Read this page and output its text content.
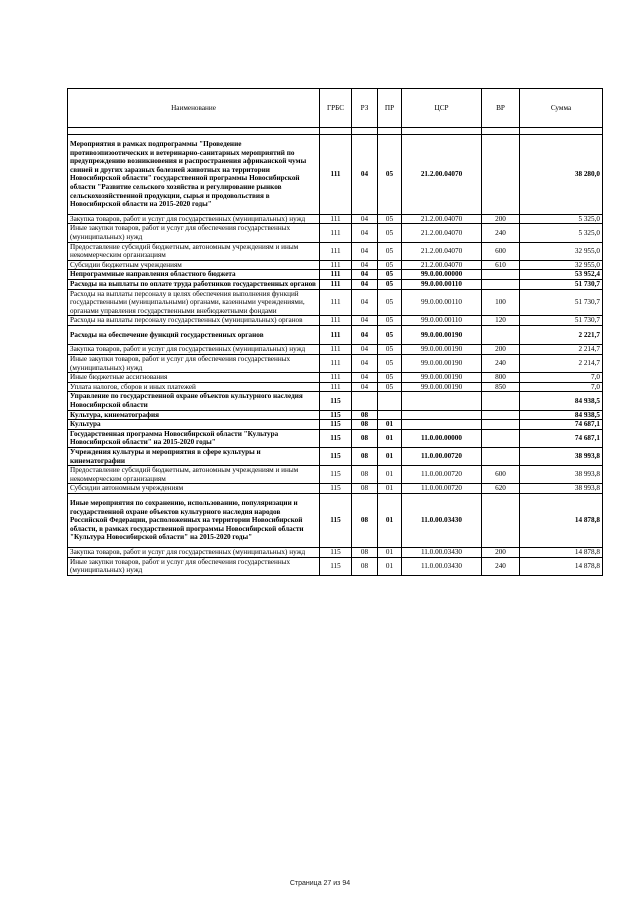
Наименование	ГРБС	РЗ	ПР	ЦСР	ВР	Сумма

Мероприятия в рамках подпрограммы "Проведение противоэпизоотических и ветеринарно-санитарных мероприятий по предупреждению возникновения и распространения африканской чумы свиней и других заразных болезней животных на территории Новосибирской области" государственной программы Новосибирской области "Развитие сельского хозяйства и регулирование рынков сельскохозяйственной продукции, сырья и продовольствия в Новосибирской области на 2015-2020 годы"	111	04	05	21.2.00.04070		38 280,0
Закупка товаров, работ и услуг для государственных (муниципальных) нужд	111	04	05	21.2.00.04070	200	5 325,0
Иные закупки товаров, работ и услуг для обеспечения государственных (муниципальных) нужд	111	04	05	21.2.00.04070	240	5 325,0
Предоставление субсидий бюджетным, автономным учреждениям и иным некоммерческим организациям	111	04	05	21.2.00.04070	600	32 955,0
Субсидии бюджетным учреждениям	111	04	05	21.2.00.04070	610	32 955,0
Непрограммные направления областного бюджета	111	04	05	99.0.00.00000		53 952,4
Расходы на выплаты по оплате труда работников государственных органов	111	04	05	99.0.00.00110		51 730,7
Расходы на выплаты персоналу в целях обеспечения выполнения функций государственными (муниципальными) органами, казенными учреждениями, органами управления государственными внебюджетными фондами	111	04	05	99.0.00.00110	100	51 730,7
Расходы на выплаты персоналу государственных (муниципальных) органов	111	04	05	99.0.00.00110	120	51 730,7
Расходы на обеспечение функций государственных органов	111	04	05	99.0.00.00190		2 221,7
Закупка товаров, работ и услуг для государственных (муниципальных) нужд	111	04	05	99.0.00.00190	200	2 214,7
Иные закупки товаров, работ и услуг для обеспечения государственных (муниципальных) нужд	111	04	05	99.0.00.00190	240	2 214,7
Иные бюджетные ассигнования	111	04	05	99.0.00.00190	800	7,0
Уплата налогов, сборов и иных платежей	111	04	05	99.0.00.00190	850	7,0
Управление по государственной охране объектов культурного наследия Новосибирской области	115					84 938,5
Культура, кинематография	115	08				84 938,5
Культура	115	08	01			74 687,1
Государственная программа Новосибирской области "Культура Новосибирской области" на 2015-2020 годы"	115	08	01	11.0.00.00000		74 687,1
Учреждения культуры и мероприятия в сфере культуры и кинематографии	115	08	01	11.0.00.00720		38 993,8
Предоставление субсидий бюджетным, автономным учреждениям и иным некоммерческим организациям	115	08	01	11.0.00.00720	600	38 993,8
Субсидии автономным учреждениям	115	08	01	11.0.00.00720	620	38 993,8
Иные мероприятия по сохранению, использованию, популяризации и государственной охране объектов культурного наследия народов Российской Федерации, расположенных на территории Новосибирской области, в рамках государственной программы Новосибирской области "Культура Новосибирской области" на 2015-2020 годы"	115	08	01	11.0.00.03430		14 878,8
Закупка товаров, работ и услуг для государственных (муниципальных) нужд	115	08	01	11.0.00.03430	200	14 878,8
Иные закупки товаров, работ и услуг для обеспечения государственных (муниципальных) нужд	115	08	01	11.0.00.03430	240	14 878,8
Страница 27 из 94
